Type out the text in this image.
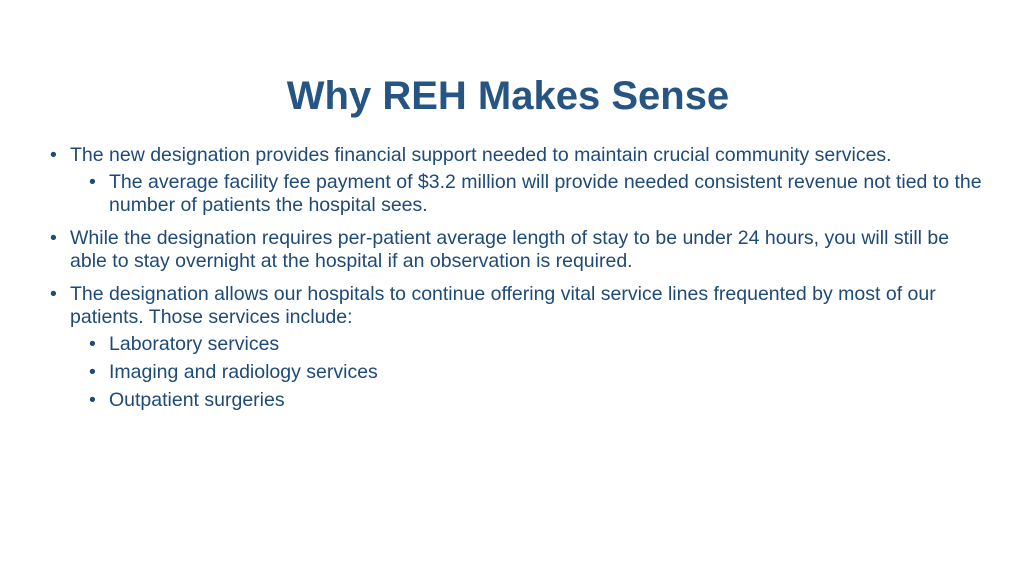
Why REH Makes Sense
• The new designation provides financial support needed to maintain crucial community services.
• The average facility fee payment of $3.2 million will provide needed consistent revenue not tied to the number of patients the hospital sees.
• While the designation requires per-patient average length of stay to be under 24 hours, you will still be able to stay overnight at the hospital if an observation is required.
• The designation allows our hospitals to continue offering vital service lines frequented by most of our patients. Those services include:
• Laboratory services
• Imaging and radiology services
• Outpatient surgeries
